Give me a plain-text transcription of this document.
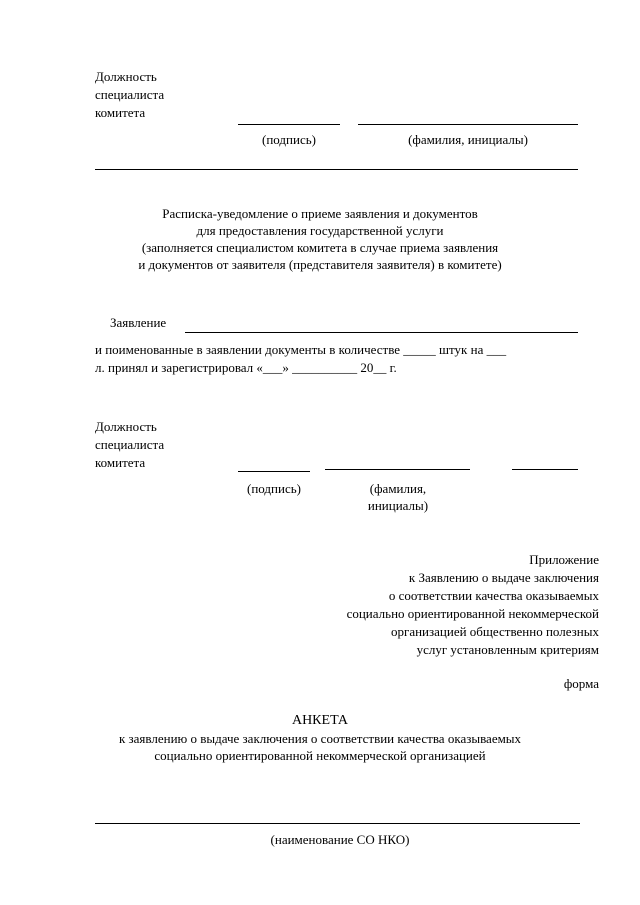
Должность
специалиста
комитета
(подпись)	(фамилия, инициалы)
Расписка-уведомление о приеме заявления и документов
для предоставления государственной услуги
(заполняется специалистом комитета в случае приема заявления
и документов от заявителя (представителя заявителя) в комитете)
Заявление
и поименованные в заявлении документы в количестве _____ штук на ___
л. принял и зарегистрировал «___» __________ 20__ г.
Должность
специалиста
комитета
(подпись)	(фамилия,
инициалы)
Приложение
к Заявлению о выдаче заключения
о соответствии качества оказываемых
социально ориентированной некоммерческой
организацией общественно полезных
услуг установленным критериям
форма
АНКЕТА
к заявлению о выдаче заключения о соответствии качества оказываемых
социально ориентированной некоммерческой организацией
(наименование СО НКО)
